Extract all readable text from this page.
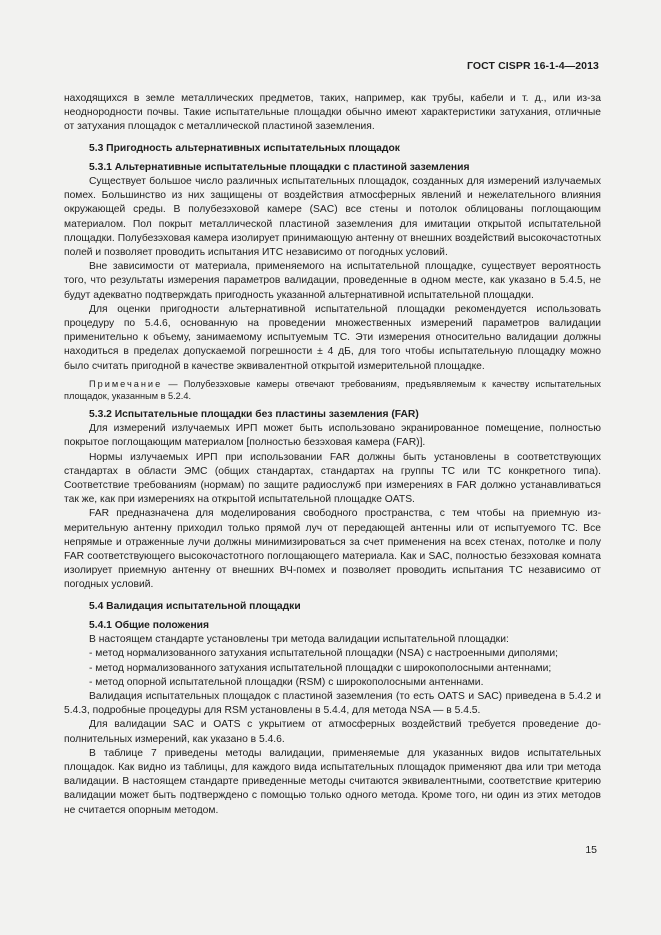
ГОСТ CISPR 16-1-4—2013

находящихся в земле металлических предметов, таких, например, как трубы, кабели и т. д., или из-за неоднородности почвы. Такие испытательные площадки обычно имеют характеристики затухания, отличные от затухания площадок с металлической пластиной заземления.

5.3 Пригодность альтернативных испытательных площадок

5.3.1 Альтернативные испытательные площадки с пластиной заземления

Существует большое число различных испытательных площадок, созданных для измерений излучаемых помех. Большинство из них защищены от воздействия атмосферных явлений и нежелательного влияния окружающей среды. В полубезэховой камере (SAC) все стены и потолок облицованы поглощающим материалом. Пол покрыт металлической пластиной заземления для имитации открытой испытательной площадки. Полубезэховая камера изолирует принимающую антенну от внешних воздействий высокочастотных полей и позволяет проводить испытания ИТС независимо от погодных условий.

Вне зависимости от материала, применяемого на испытательной площадке, существует вероятность того, что результаты измерения параметров валидации, проведенные в одном месте, как указано в 5.4.5, не будут адекватно подтверждать пригодность указанной альтернативной испытательной площадки.

Для оценки пригодности альтернативной испытательной площадки рекомендуется использовать процедуру по 5.4.6, основанную на проведении множественных измерений параметров валидации применительно к объему, занимаемому испытуемым ТС. Эти измерения относительно валидации должны находиться в пределах допускаемой погрешности ± 4 дБ, для того чтобы испытательную площадку можно было считать пригодной в качестве эквивалентной открытой измерительной площадке.

Примечание — Полубезэховые камеры отвечают требованиям, предъявляемым к качеству испытательных площадок, указанным в 5.2.4.

5.3.2 Испытательные площадки без пластины заземления (FAR)

Для измерений излучаемых ИРП может быть использовано экранированное помещение, полностью покрытое поглощающим материалом [полностью безэховая камера (FAR)].

Нормы излучаемых ИРП при использовании FAR должны быть установлены в соответствующих стандартах в области ЭМС (общих стандартах, стандартах на группы ТС или ТС конкретного типа). Соответствие требованиям (нормам) по защите радиослужб при измерениях в FAR должно устанавливаться так же, как при измерениях на открытой испытательной площадке OATS.

FAR предназначена для моделирования свободного пространства, с тем чтобы на приемную измерительную антенну приходил только прямой луч от передающей антенны или от испытуемого ТС. Все непрямые и отраженные лучи должны минимизироваться за счет применения на всех стенах, потолке и полу FAR соответствующего высокочастотного поглощающего материала. Как и SAC, полностью безэховая комната изолирует приемную антенну от внешних ВЧ-помех и позволяет проводить испытания ТС независимо от погодных условий.

5.4 Валидация испытательной площадки

5.4.1 Общие положения

В настоящем стандарте установлены три метода валидации испытательной площадки:

- метод нормализованного затухания испытательной площадки (NSA) с настроенными диполями;

- метод нормализованного затухания испытательной площадки с широкополосными антеннами;

- метод опорной испытательной площадки (RSM) с широкополосными антеннами.

Валидация испытательных площадок с пластиной заземления (то есть OATS и SAC) приведена в 5.4.2 и 5.4.3, подробные процедуры для RSM установлены в 5.4.4, для метода NSA — в 5.4.5.

Для валидации SAC и OATS с укрытием от атмосферных воздействий требуется проведение дополнительных измерений, как указано в 5.4.6.

В таблице 7 приведены методы валидации, применяемые для указанных видов испытательных площадок. Как видно из таблицы, для каждого вида испытательных площадок применяют два или три метода валидации. В настоящем стандарте приведенные методы считаются эквивалентными, соответствие критерию валидации может быть подтверждено с помощью только одного метода. Кроме того, ни один из этих методов не считается опорным методом.

15
